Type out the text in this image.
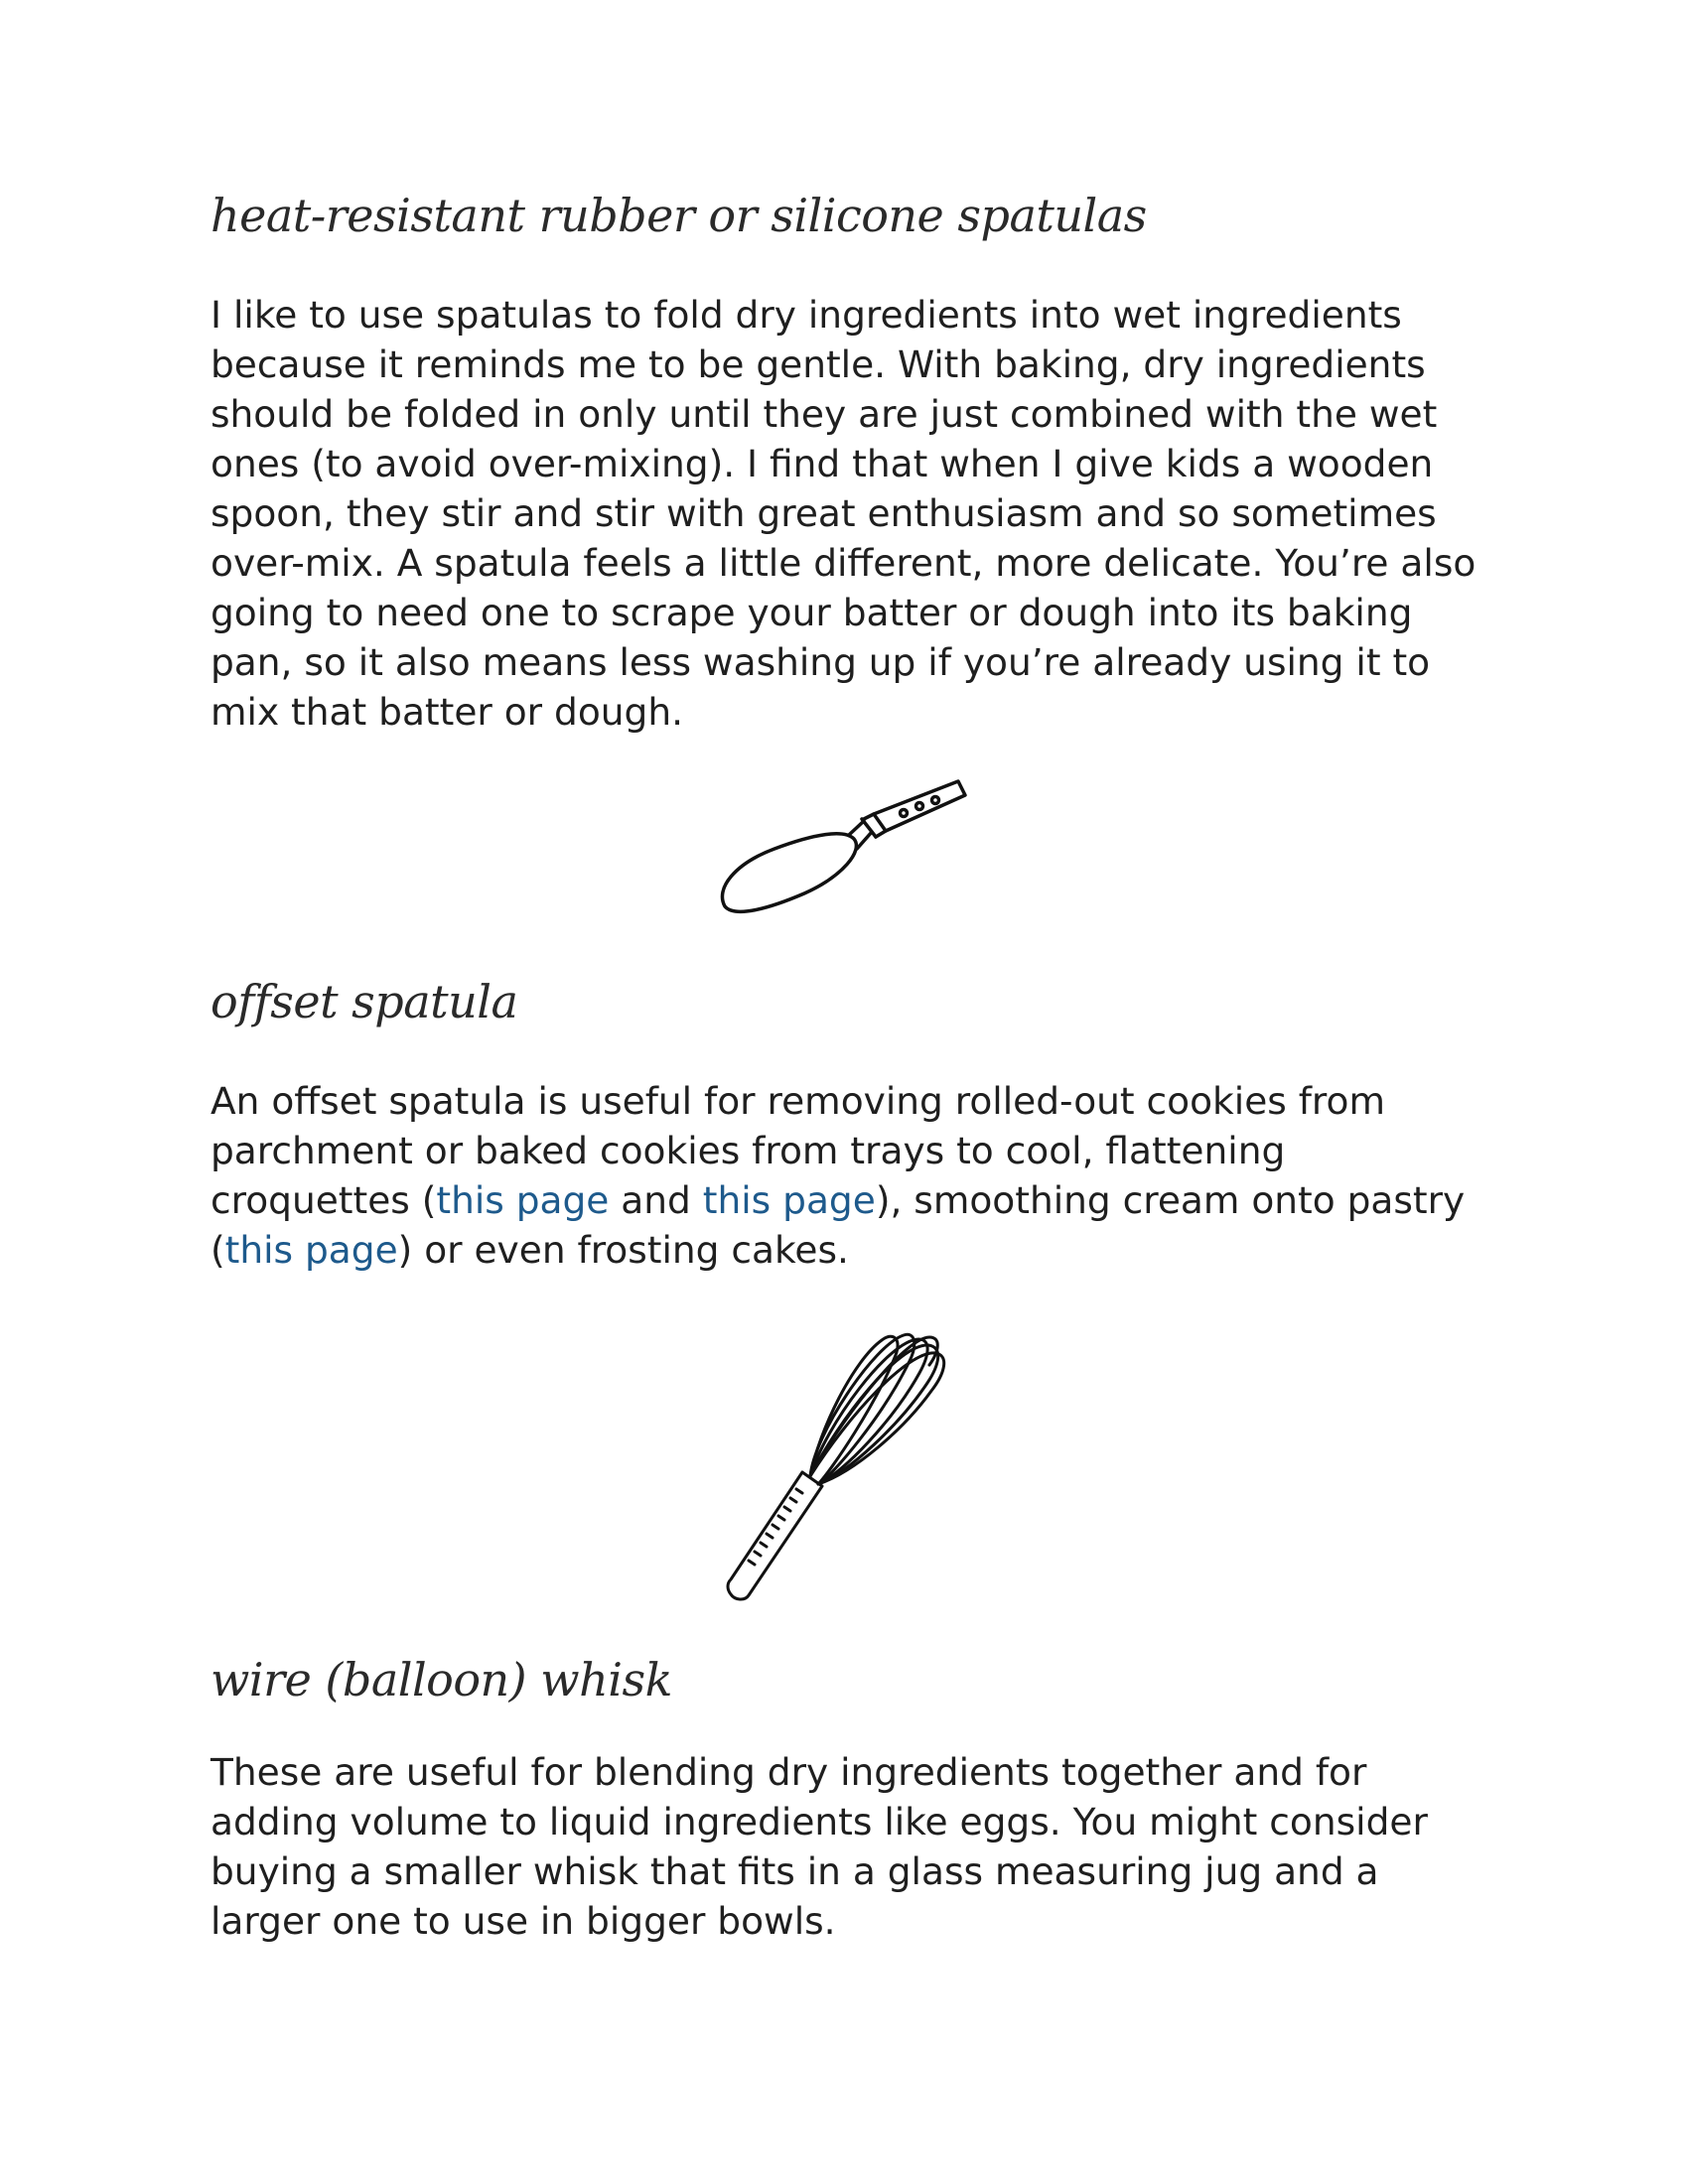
heat-resistant rubber or silicone spatulas

I like to use spatulas to fold dry ingredients into wet ingredients because it reminds me to be gentle. With baking, dry ingredients should be folded in only until they are just combined with the wet ones (to avoid over-mixing). I find that when I give kids a wooden spoon, they stir and stir with great enthusiasm and so sometimes over-mix. A spatula feels a little different, more delicate. You’re also going to need one to scrape your batter or dough into its baking pan, so it also means less washing up if you’re already using it to mix that batter or dough.

offset spatula

An offset spatula is useful for removing rolled-out cookies from parchment or baked cookies from trays to cool, flattening croquettes (this page and this page), smoothing cream onto pastry (this page) or even frosting cakes.

wire (balloon) whisk

These are useful for blending dry ingredients together and for adding volume to liquid ingredients like eggs. You might consider buying a smaller whisk that fits in a glass measuring jug and a larger one to use in bigger bowls.
